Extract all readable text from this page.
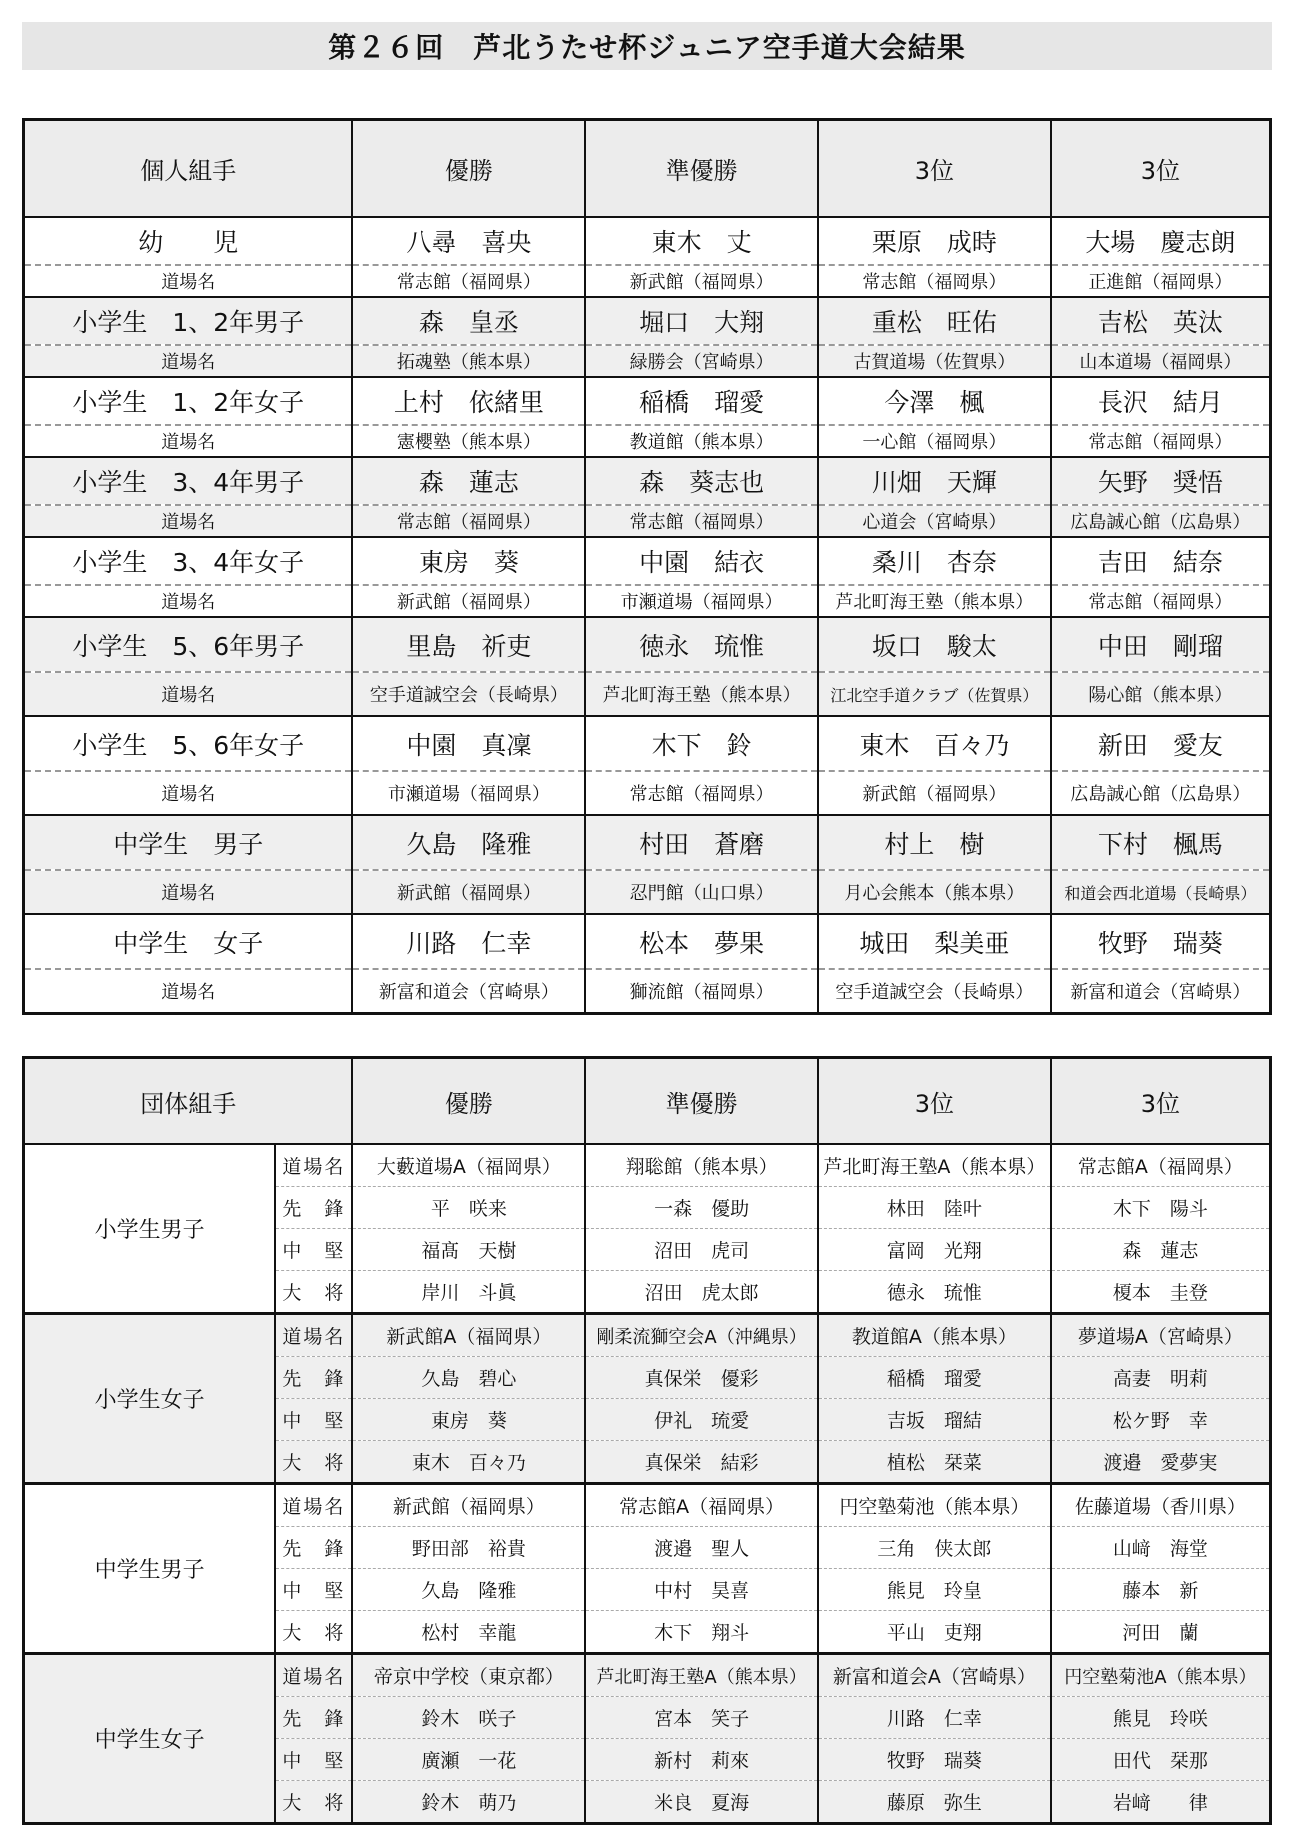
第２６回　芦北うたせ杯ジュニア空手道大会結果
個人組手	優勝	準優勝	3位	3位
幼　　児	八尋　喜央	東木　丈	栗原　成時	大場　慶志朗
道場名	常志館（福岡県）	新武館（福岡県）	常志館（福岡県）	正進館（福岡県）
小学生　1、2年男子	森　皇丞	堀口　大翔	重松　旺佑	吉松　英汰
道場名	拓魂塾（熊本県）	緑勝会（宮崎県）	古賀道場（佐賀県）	山本道場（福岡県）
小学生　1、2年女子	上村　依緒里	稲橋　瑠愛	今澤　楓	長沢　結月
道場名	憲櫻塾（熊本県）	教道館（熊本県）	一心館（福岡県）	常志館（福岡県）
小学生　3、4年男子	森　蓮志	森　葵志也	川畑　天輝	矢野　奨悟
道場名	常志館（福岡県）	常志館（福岡県）	心道会（宮崎県）	広島誠心館（広島県）
小学生　3、4年女子	東房　葵	中園　結衣	桑川　杏奈	吉田　結奈
道場名	新武館（福岡県）	市瀬道場（福岡県）	芦北町海王塾（熊本県）	常志館（福岡県）
小学生　5、6年男子	里島　祈吏	徳永　琉惟	坂口　駿太	中田　剛瑠
道場名	空手道誠空会（長崎県）	芦北町海王塾（熊本県）	江北空手道クラブ（佐賀県）	陽心館（熊本県）
小学生　5、6年女子	中園　真凜	木下　鈴	東木　百々乃	新田　愛友
道場名	市瀬道場（福岡県）	常志館（福岡県）	新武館（福岡県）	広島誠心館（広島県）
中学生　男子	久島　隆雅	村田　蒼磨	村上　樹	下村　楓馬
道場名	新武館（福岡県）	忍門館（山口県）	月心会熊本（熊本県）	和道会西北道場（長崎県）
中学生　女子	川路　仁幸	松本　夢果	城田　梨美亜	牧野　瑞葵
道場名	新富和道会（宮崎県）	獅流館（福岡県）	空手道誠空会（長崎県）	新富和道会（宮崎県）
団体組手		優勝	準優勝	3位	3位
小学生男子	道場名	大藪道場A（福岡県）	翔聡館（熊本県）	芦北町海王塾A（熊本県）	常志館A（福岡県）
	先　鋒	平　咲来	一森　優助	林田　陸叶	木下　陽斗
	中　堅	福髙　天樹	沼田　虎司	富岡　光翔	森　蓮志
	大　将	岸川　斗眞	沼田　虎太郎	德永　琉惟	榎本　圭登
小学生女子	道場名	新武館A（福岡県）	剛柔流獅空会A（沖縄県）	教道館A（熊本県）	夢道場A（宮崎県）
	先　鋒	久島　碧心	真保栄　優彩	稲橋　瑠愛	高妻　明莉
	中　堅	東房　葵	伊礼　琉愛	吉坂　瑠結	松ケ野　幸
	大　将	東木　百々乃	真保栄　結彩	植松　栞菜	渡邉　愛夢実
中学生男子	道場名	新武館（福岡県）	常志館A（福岡県）	円空塾菊池（熊本県）	佐藤道場（香川県）
	先　鋒	野田部　裕貴	渡邉　聖人	三角　侠太郎	山﨑　海堂
	中　堅	久島　隆雅	中村　昊喜	熊見　玲皇	藤本　新
	大　将	松村　幸龍	木下　翔斗	平山　吏翔	河田　蘭
中学生女子	道場名	帝京中学校（東京都）	芦北町海王塾A（熊本県）	新富和道会A（宮崎県）	円空塾菊池A（熊本県）
	先　鋒	鈴木　咲子	宮本　笑子	川路　仁幸	熊見　玲咲
	中　堅	廣瀬　一花	新村　莉來	牧野　瑞葵	田代　栞那
	大　将	鈴木　萌乃	米良　夏海	藤原　弥生	岩﨑　　律
